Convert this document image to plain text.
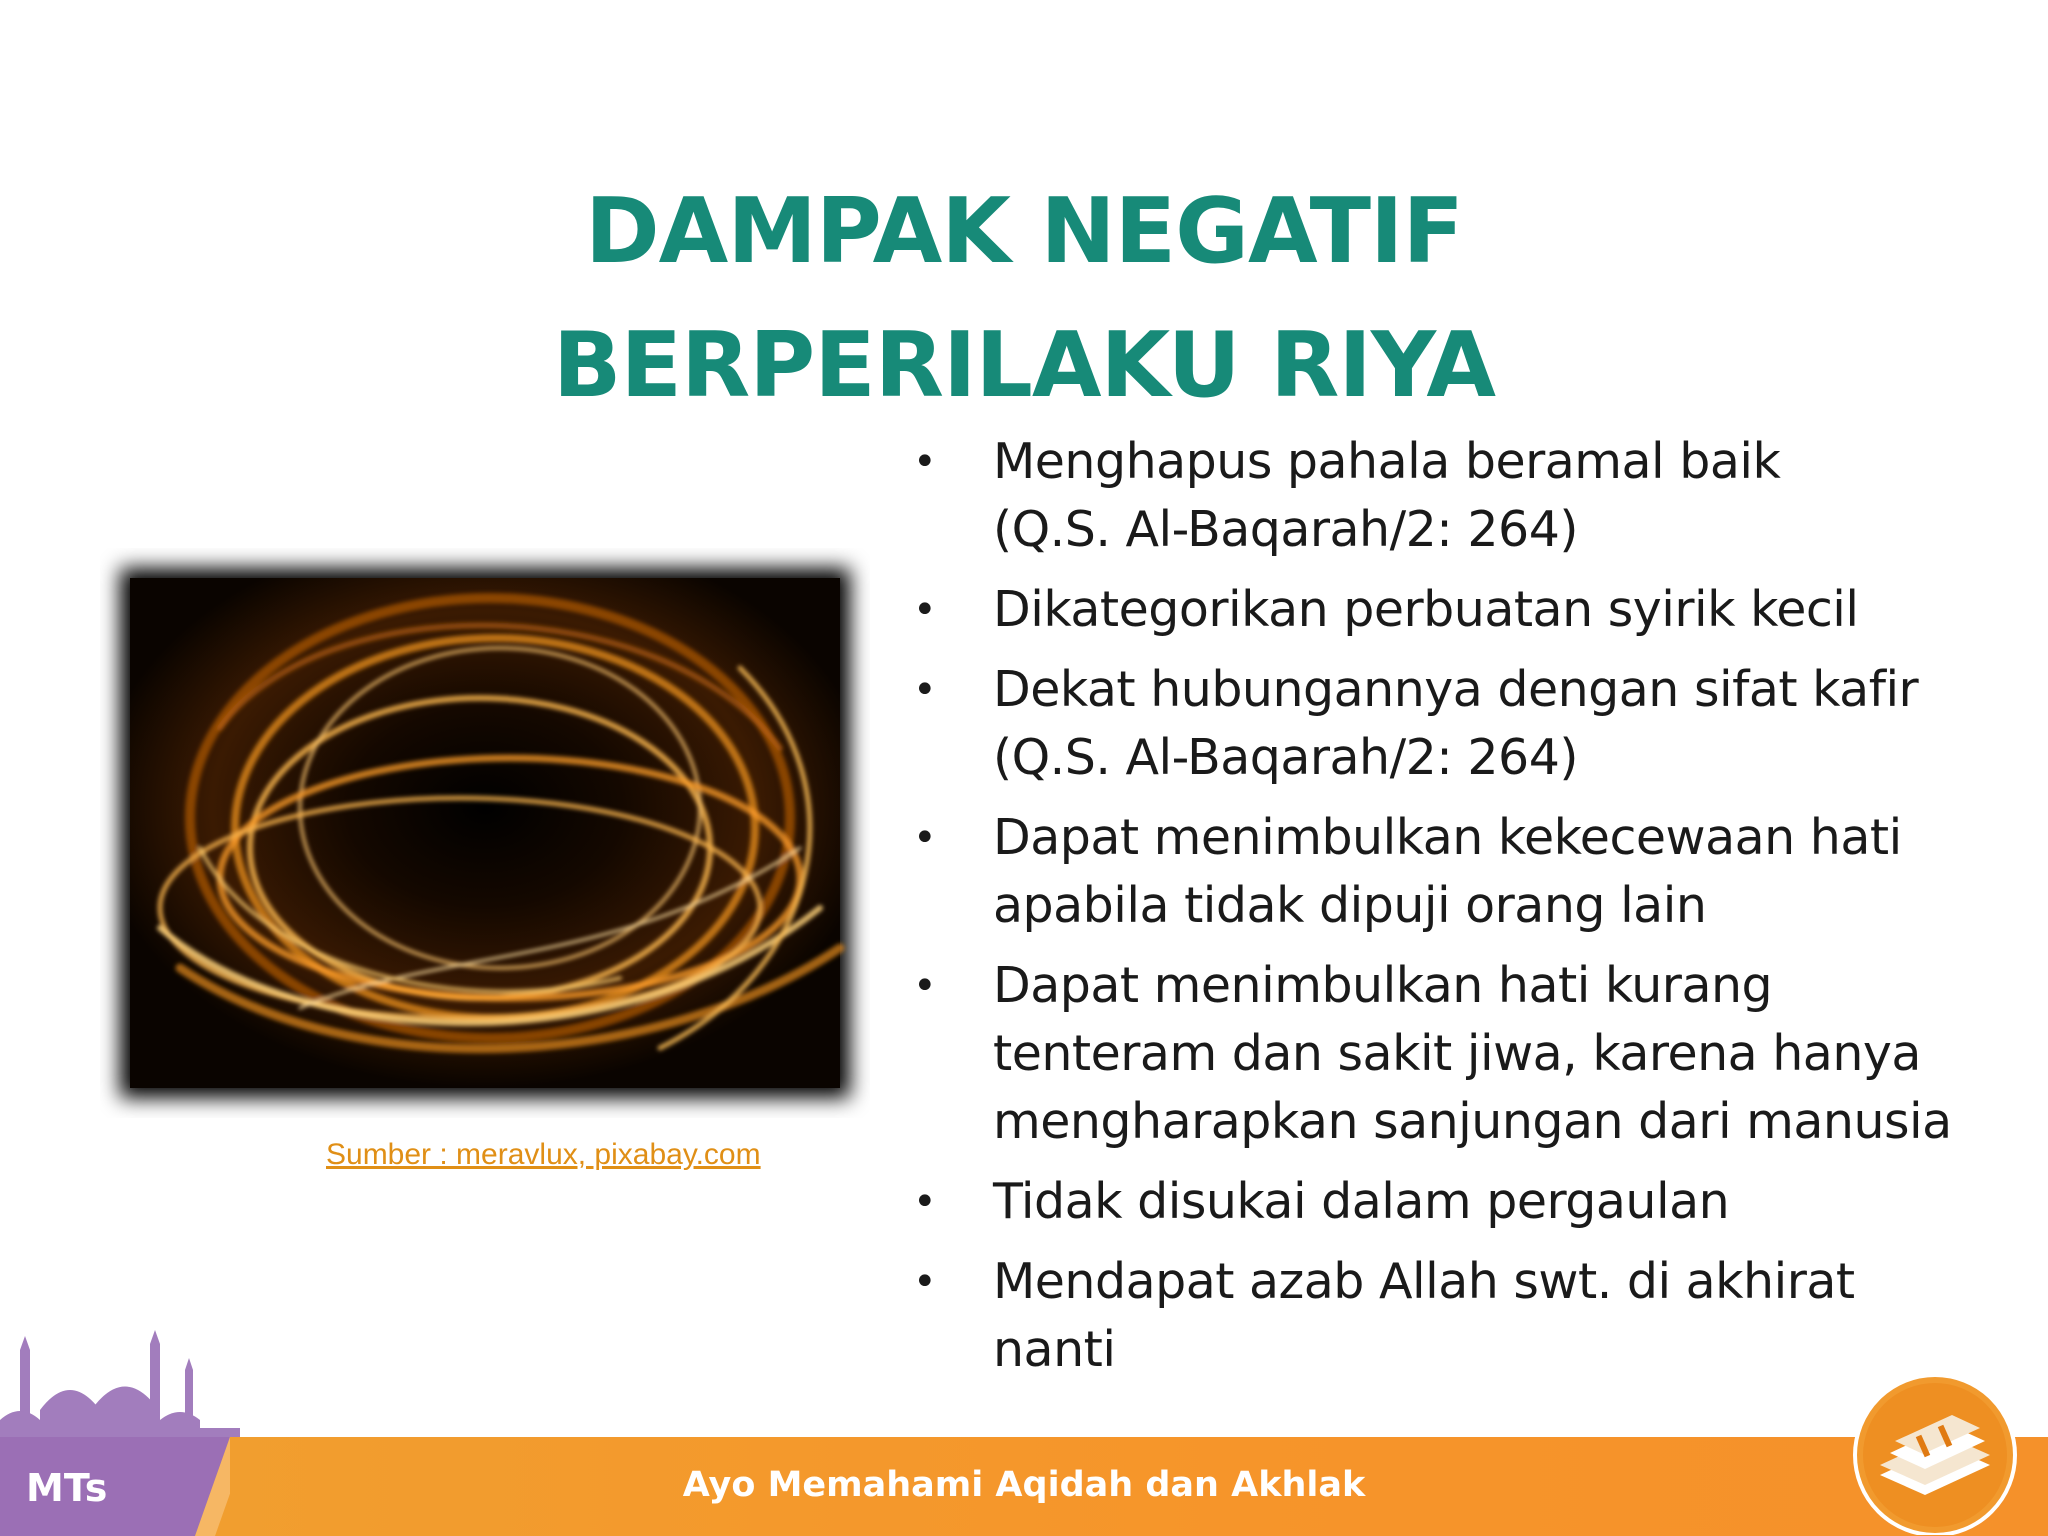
DAMPAK NEGATIF
BERPERILAKU RIYA
Sumber : meravlux, pixabay.com
•	Menghapus pahala beramal baik
(Q.S. Al-Baqarah/2: 264)
•	Dikategorikan perbuatan syirik kecil
•	Dekat hubungannya dengan sifat kafir
(Q.S. Al-Baqarah/2: 264)
•	Dapat menimbulkan kekecewaan hati
apabila tidak dipuji orang lain
•	Dapat menimbulkan hati kurang
tenteram dan sakit jiwa, karena hanya
mengharapkan sanjungan dari manusia
•	Tidak disukai dalam pergaulan
•	Mendapat azab Allah swt. di akhirat
nanti
MTs	Ayo Memahami Aqidah dan Akhlak
